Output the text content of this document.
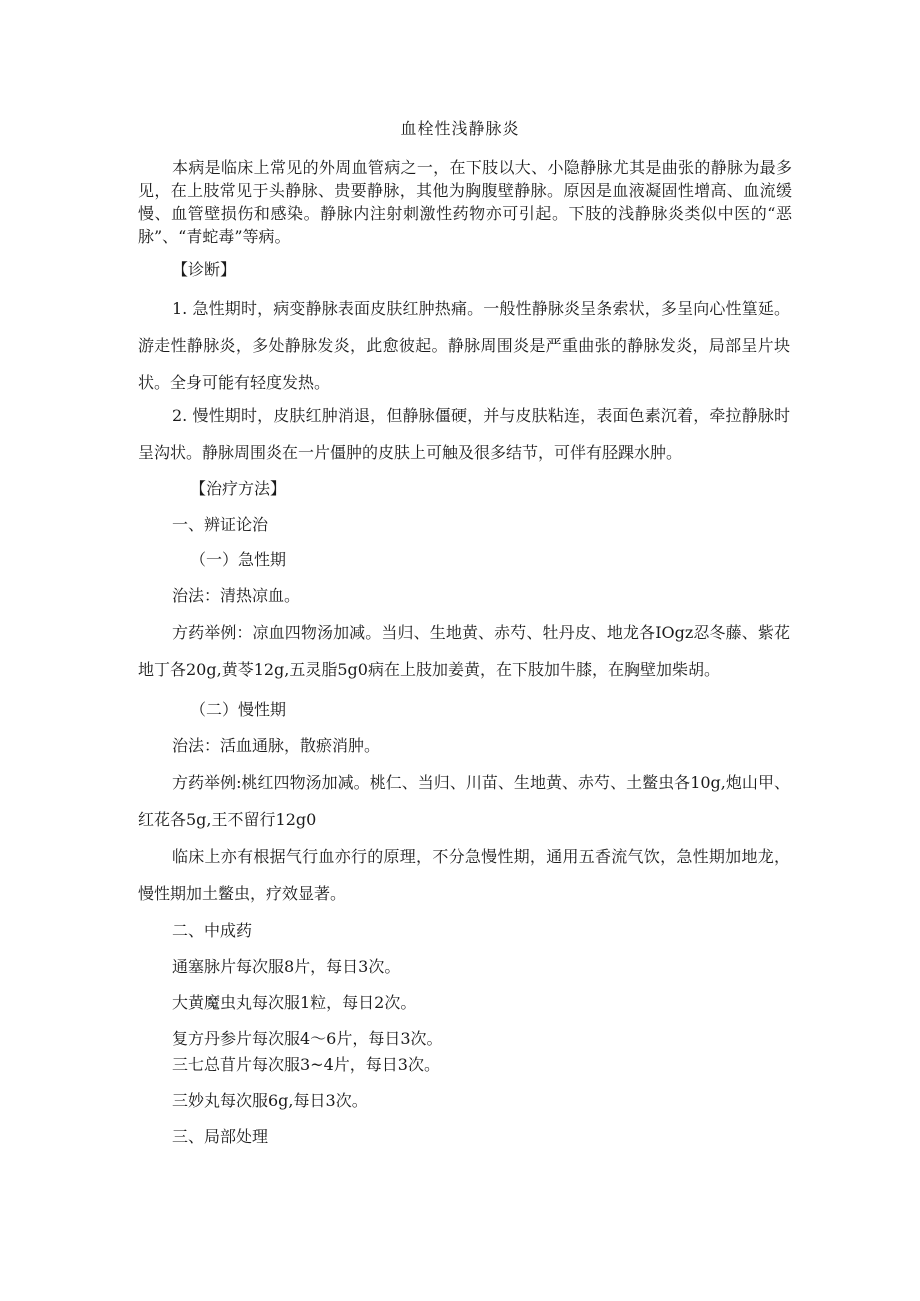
血栓性浅静脉炎

本病是临床上常见的外周血管病之一，在下肢以大、小隐静脉尤其是曲张的静脉为最多见，在上肢常见于头静脉、贵要静脉，其他为胸腹壁静脉。原因是血液凝固性增高、血流缓慢、血管壁损伤和感染。静脉内注射刺激性药物亦可引起。下肢的浅静脉炎类似中医的“恶脉”、“青蛇毒”等病。

【诊断】

1. 急性期时，病变静脉表面皮肤红肿热痛。一般性静脉炎呈条索状，多呈向心性篁延。游走性静脉炎，多处静脉发炎，此愈彼起。静脉周围炎是严重曲张的静脉发炎，局部呈片块状。全身可能有轻度发热。

2. 慢性期时，皮肤红肿消退，但静脉僵硬，并与皮肤粘连，表面色素沉着，牵拉静脉时呈沟状。静脉周围炎在一片僵肿的皮肤上可触及很多结节，可伴有胫踝水肿。

【治疗方法】
一、辨证论治
（一）急性期
治法：清热凉血。

方药举例：凉血四物汤加减。当归、生地黄、赤芍、牡丹皮、地龙各IOgz忍冬藤、紫花地丁各20g,黄苓12g,五灵脂5g0病在上肢加姜黄，在下肢加牛膝，在胸壁加柴胡。

（二）慢性期
治法：活血通脉，散瘀消肿。

方药举例:桃红四物汤加减。桃仁、当归、川苗、生地黄、赤芍、土鳖虫各10g,炮山甲、红花各5g,王不留行12g0

临床上亦有根据气行血亦行的原理，不分急慢性期，通用五香流气饮，急性期加地龙，慢性期加土鳖虫，疗效显著。

二、中成药
通塞脉片每次服8片，每日3次。
大黄魔虫丸每次服1粒，每日2次。
复方丹参片每次服4～6片，每日3次。
三七总苜片每次服3~4片，每日3次。
三妙丸每次服6g,每日3次。
三、局部处理
